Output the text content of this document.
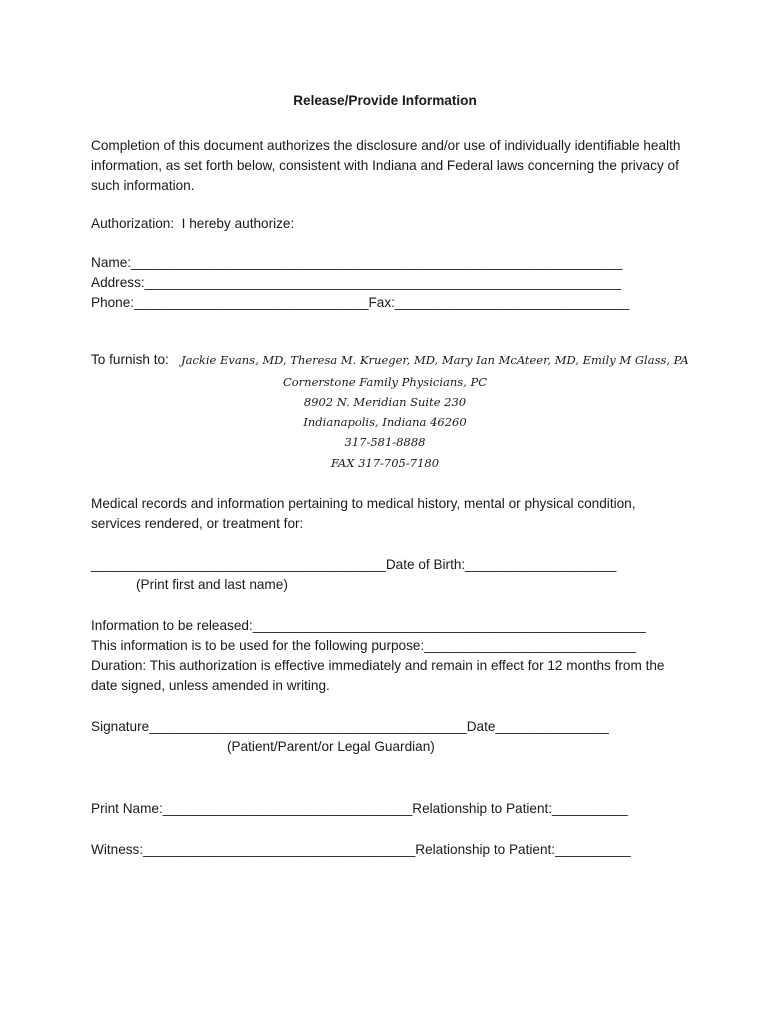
Release/Provide Information

Completion of this document authorizes the disclosure and/or use of individually identifiable health information, as set forth below, consistent with Indiana and Federal laws concerning the privacy of such information.

Authorization:  I hereby authorize:
Name:_________________________________________________________________
Address:_______________________________________________________________
Phone:_______________________________Fax:_______________________________
To furnish to: Jackie Evans, MD, Theresa M. Krueger, MD, Mary Ian McAteer, MD, Emily M Glass, PA
Cornerstone Family Physicians, PC
8902 N. Meridian Suite 230
Indianapolis, Indiana 46260
317-581-8888
FAX 317-705-7180

Medical records and information pertaining to medical history, mental or physical condition, services rendered, or treatment for:

_______________________________________Date of Birth:____________________
(Print first and last name)
Information to be released:____________________________________________________
This information is to be used for the following purpose:____________________________

Duration: This authorization is effective immediately and remain in effect for 12 months from the date signed, unless amended in writing.

Signature__________________________________________Date_______________
(Patient/Parent/or Legal Guardian)
Print Name:_________________________________Relationship to Patient:__________
Witness:____________________________________Relationship to Patient:__________
